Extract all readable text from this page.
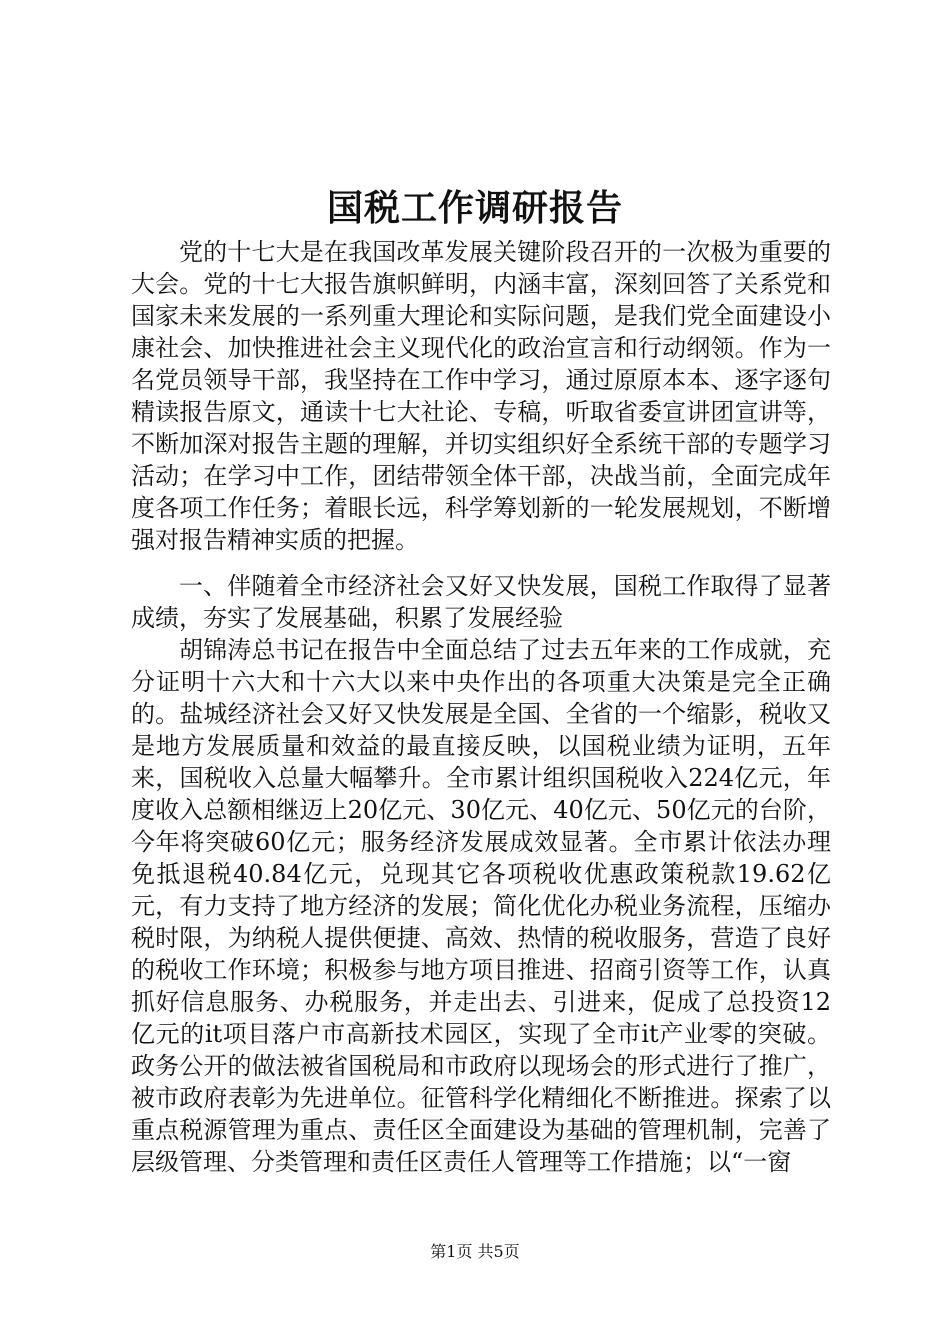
国税工作调研报告

党的十七大是在我国改革发展关键阶段召开的一次极为重要的大会。党的十七大报告旗帜鲜明，内涵丰富，深刻回答了关系党和国家未来发展的一系列重大理论和实际问题，是我们党全面建设小康社会、加快推进社会主义现代化的政治宣言和行动纲领。作为一名党员领导干部，我坚持在工作中学习，通过原原本本、逐字逐句精读报告原文，通读十七大社论、专稿，听取省委宣讲团宣讲等，不断加深对报告主题的理解，并切实组织好全系统干部的专题学习活动；在学习中工作，团结带领全体干部，决战当前，全面完成年度各项工作任务；着眼长远，科学筹划新的一轮发展规划，不断增强对报告精神实质的把握。

一、伴随着全市经济社会又好又快发展，国税工作取得了显著成绩，夯实了发展基础，积累了发展经验

胡锦涛总书记在报告中全面总结了过去五年来的工作成就，充分证明十六大和十六大以来中央作出的各项重大决策是完全正确的。盐城经济社会又好又快发展是全国、全省的一个缩影，税收又是地方发展质量和效益的最直接反映，以国税业绩为证明，五年来，国税收入总量大幅攀升。全市累计组织国税收入224亿元，年度收入总额相继迈上20亿元、30亿元、40亿元、50亿元的台阶，今年将突破60亿元；服务经济发展成效显著。全市累计依法办理免抵退税40.84亿元，兑现其它各项税收优惠政策税款19.62亿元，有力支持了地方经济的发展；简化优化办税业务流程，压缩办税时限，为纳税人提供便捷、高效、热情的税收服务，营造了良好的税收工作环境；积极参与地方项目推进、招商引资等工作，认真抓好信息服务、办税服务，并走出去、引进来，促成了总投资12亿元的it项目落户市高新技术园区，实现了全市it产业零的突破。政务公开的做法被省国税局和市政府以现场会的形式进行了推广，被市政府表彰为先进单位。征管科学化精细化不断推进。探索了以重点税源管理为重点、责任区全面建设为基础的管理机制，完善了层级管理、分类管理和责任区责任人管理等工作措施；以“一窗

第1页 共5页
